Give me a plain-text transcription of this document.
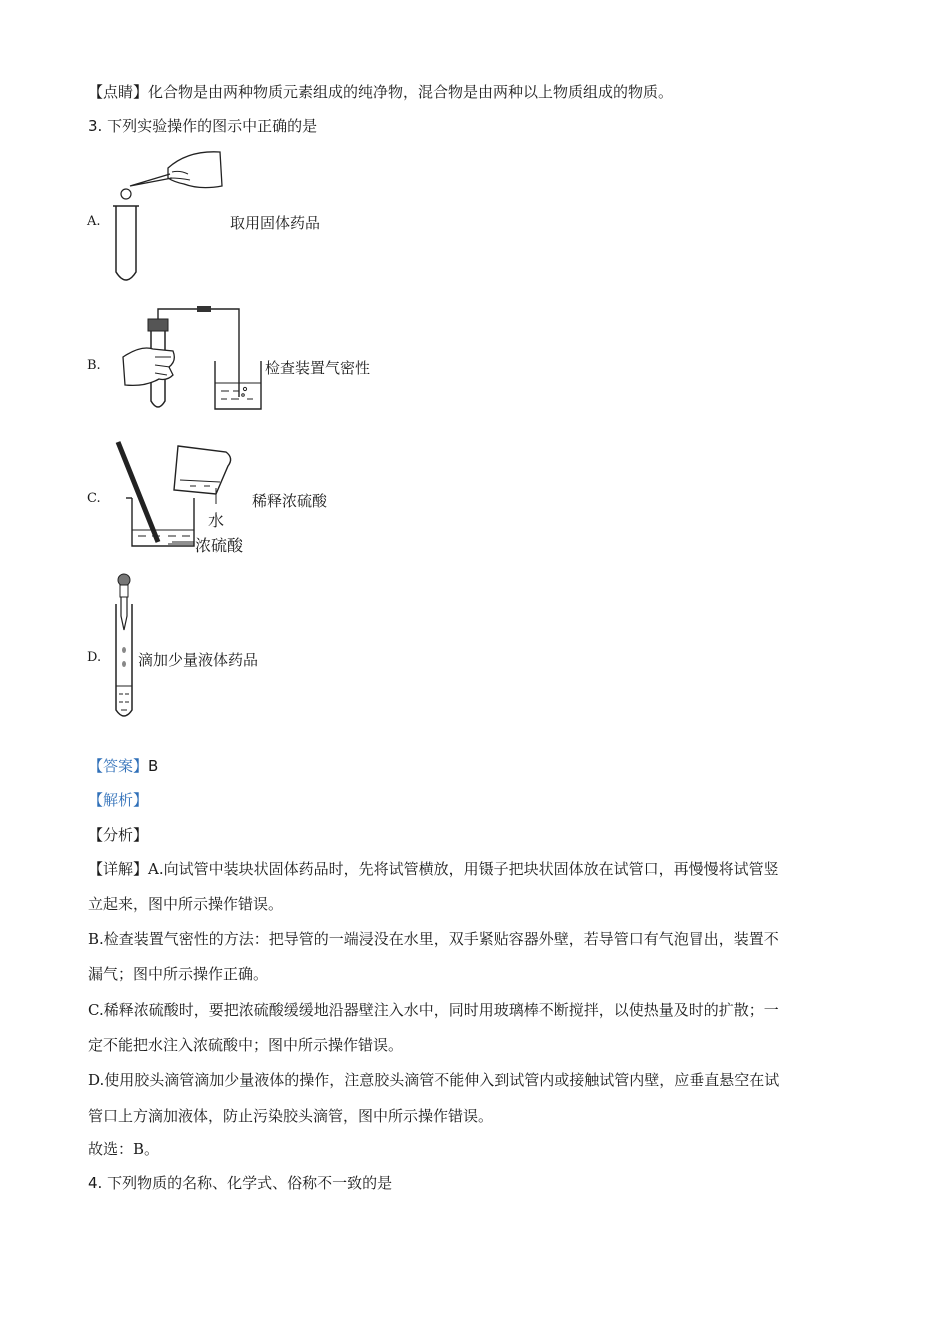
【点睛】化合物是由两种物质元素组成的纯净物，混合物是由两种以上物质组成的物质。
3. 下列实验操作的图示中正确的是
A.	取用固体药品
B.	检查装置气密性
C.
水
浓硫酸
稀释浓硫酸
D. 滴加少量液体药品
【答案】B
【解析】
【分析】
【详解】A.向试管中装块状固体药品时，先将试管横放，用镊子把块状固体放在试管口，再慢慢将试管竖
立起来，图中所示操作错误。
B.检查装置气密性的方法：把导管的一端浸没在水里，双手紧贴容器外壁，若导管口有气泡冒出，装置不
漏气；图中所示操作正确。
C.稀释浓硫酸时，要把浓硫酸缓缓地沿器壁注入水中，同时用玻璃棒不断搅拌，以使热量及时的扩散；一
定不能把水注入浓硫酸中；图中所示操作错误。
D.使用胶头滴管滴加少量液体的操作，注意胶头滴管不能伸入到试管内或接触试管内壁，应垂直悬空在试
管口上方滴加液体，防止污染胶头滴管，图中所示操作错误。
故选：B。
4. 下列物质的名称、化学式、俗称不一致的是
